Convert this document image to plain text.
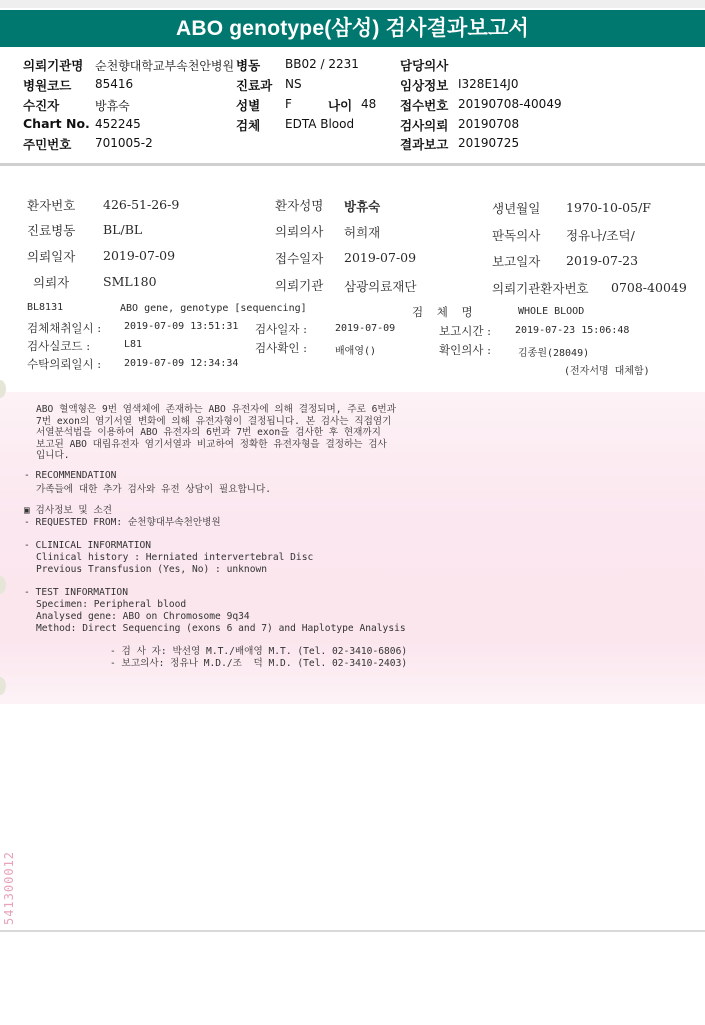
ABO genotype(삼성) 검사결과보고서
의뢰기관명 순천향대학교부속천안병원 병동 BB02 / 2231	담당의사
병원코드 85416	진료과 NS	임상정보 I328E14J0
수진자	방휴숙	성별 F	나이 48 접수번호 20190708-40049
Chart No. 452245	검체 EDTA Blood	검사의뢰 20190708
주민번호 701005-2	결과보고 20190725
환자번호 426-51-26-9	환자성명 방휴숙	생년월일 1970-10-05/F
진료병동 BL/BL	의뢰의사 허희재	판독의사 정유나/조덕/
의뢰일자 2019-07-09	접수일자 2019-07-09	보고일자 2019-07-23
의뢰자	SML180	의뢰기관 삼광의료재단	의뢰기관환자번호 0708-40049
BL8131	ABO gene, genotype [sequencing]	검 체 명	WHOLE BLOOD
검체채취일시 : 2019-07-09 13:51:31 검사일자 :	2019-07-09	보고시간 : 2019-07-23 15:06:48
검사실코드 :	L81	검사확인 :	배애영()	확인의사 :	김종원(28049)
수탁의뢰일시 : 2019-07-09 12:34:34
(전자서명 대체함)
ABO 혈액형은 9번 염색체에 존재하는 ABO 유전자에 의해 결정되며, 주로 6번과
7번 exon의 염기서열 변화에 의해 유전자형이 결정됩니다. 본 검사는 직접염기
서열분석법을 이용하여 ABO 유전자의 6번과 7번 exon을 검사한 후 현재까지
보고된 ABO 대립유전자 염기서열과 비교하여 정확한 유전자형을 결정하는 검사
입니다.
- RECOMMENDATION
가족들에 대한 추가 검사와 유전 상담이 필요합니다.
▣ 검사정보 및 소견
- REQUESTED FROM: 순천향대부속천안병원
- CLINICAL INFORMATION
Clinical history : Herniated intervertebral Disc
Previous Transfusion (Yes, No) : unknown
- TEST INFORMATION
Specimen: Peripheral blood
Analysed gene: ABO on Chromosome 9q34
Method: Direct Sequencing (exons 6 and 7) and Haplotype Analysis
- 검 사 자: 박선영 M.T./배애영 M.T. (Tel. 02-3410-6806)
- 보고의사: 정유나 M.D./조  덕 M.D. (Tel. 02-3410-2403)
541300012
